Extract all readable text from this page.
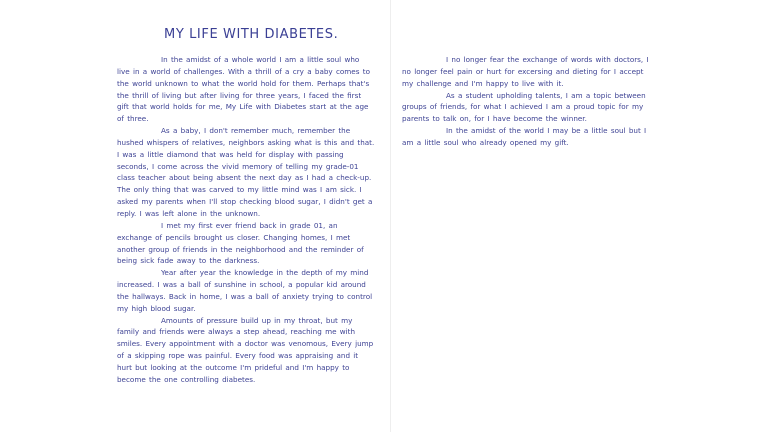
MY LIFE WITH DIABETES.

In the amidst of a whole world I am a little soul who live in a world of challenges. With a thrill of a cry a baby comes to the world unknown to what the world hold for them. Perhaps that's the thrill of living but after living for three years, I faced the first gift that world holds for me, My Life with Diabetes start at the age of three.

As a baby, I don't remember much, remember the hushed whispers of relatives, neighbors asking what is this and that. I was a little diamond that was held for display with passing seconds, I come across the vivid memory of telling my grade-01 class teacher about being absent the next day as I had a check-up. The only thing that was carved to my little mind was I am sick. I asked my parents when I'll stop checking blood sugar, I didn't get a reply. I was left alone in the unknown.

I met my first ever friend back in grade 01, an exchange of pencils brought us closer. Changing homes, I met another group of friends in the neighborhood and the reminder of being sick fade away to the darkness.

Year after year the knowledge in the depth of my mind increased. I was a ball of sunshine in school, a popular kid around the hallways. Back in home, I was a ball of anxiety trying to control my high blood sugar.

Amounts of pressure build up in my throat, but my family and friends were always a step ahead, reaching me with smiles. Every appointment with a doctor was venomous, Every jump of a skipping rope was painful. Every food was appraising and it hurt but looking at the outcome I'm prideful and I'm happy to become the one controlling diabetes.

I no longer fear the exchange of words with doctors, I no longer feel pain or hurt for excersing and dieting for I accept my challenge and I'm happy to live with it.

As a student upholding talents, I am a topic between groups of friends, for what I achieved I am a proud topic for my parents to talk on, for I have become the winner.

In the amidst of the world I may be a little soul but I am a little soul who already opened my gift.
